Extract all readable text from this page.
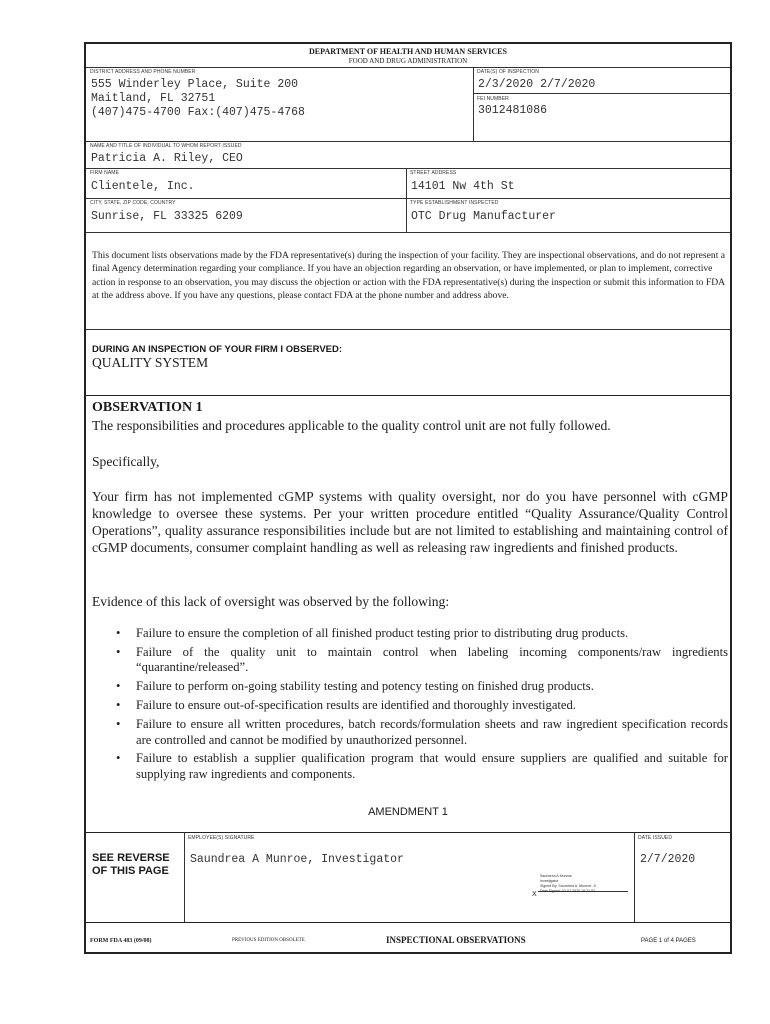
DEPARTMENT OF HEALTH AND HUMAN SERVICES
FOOD AND DRUG ADMINISTRATION
DISTRICT ADDRESS AND PHONE NUMBER
555 Winderley Place, Suite 200
Maitland, FL 32751
(407)475-4700 Fax:(407)475-4768
DATE(S) OF INSPECTION
2/3/2020 2/7/2020
FEI NUMBER
3012481086
NAME AND TITLE OF INDIVIDUAL TO WHOM REPORT ISSUED
Patricia A. Riley, CEO
FIRM NAME
Clientele, Inc.
STREET ADDRESS
14101 Nw 4th St
CITY, STATE, ZIP CODE, COUNTRY
Sunrise, FL 33325 6209
TYPE ESTABLISHMENT INSPECTED
OTC Drug Manufacturer
This document lists observations made by the FDA representative(s) during the inspection of your facility. They are inspectional observations, and do not represent a final Agency determination regarding your compliance. If you have an objection regarding an observation, or have implemented, or plan to implement, corrective action in response to an observation, you may discuss the objection or action with the FDA representative(s) during the inspection or submit this information to FDA at the address above. If you have any questions, please contact FDA at the phone number and address above.
DURING AN INSPECTION OF YOUR FIRM I OBSERVED:
QUALITY SYSTEM
OBSERVATION 1
The responsibilities and procedures applicable to the quality control unit are not fully followed.
Specifically,
Your firm has not implemented cGMP systems with quality oversight, nor do you have personnel with cGMP knowledge to oversee these systems. Per your written procedure entitled “Quality Assurance/Quality Control Operations”, quality assurance responsibilities include but are not limited to establishing and maintaining control of cGMP documents, consumer complaint handling as well as releasing raw ingredients and finished products.
Evidence of this lack of oversight was observed by the following:
• Failure to ensure the completion of all finished product testing prior to distributing drug products.
• Failure of the quality unit to maintain control when labeling incoming components/raw ingredients “quarantine/released”.
• Failure to perform on-going stability testing and potency testing on finished drug products.
• Failure to ensure out-of-specification results are identified and thoroughly investigated.
• Failure to ensure all written procedures, batch records/formulation sheets and raw ingredient specification records are controlled and cannot be modified by unauthorized personnel.
• Failure to establish a supplier qualification program that would ensure suppliers are qualified and suitable for supplying raw ingredients and components.
AMENDMENT 1
SEE REVERSE
OF THIS PAGE
EMPLOYEE(S) SIGNATURE
Saundrea A Munroe, Investigator
Saundrea A Munroe
Investigator
Signed By: Saundrea A. Munroe -S
Date Signed: 02-07-2020 16:21:52
X
DATE ISSUED
2/7/2020
FORM FDA 483 (09/08)	PREVIOUS EDITION OBSOLETE	INSPECTIONAL OBSERVATIONS	PAGE 1 of 4 PAGES
